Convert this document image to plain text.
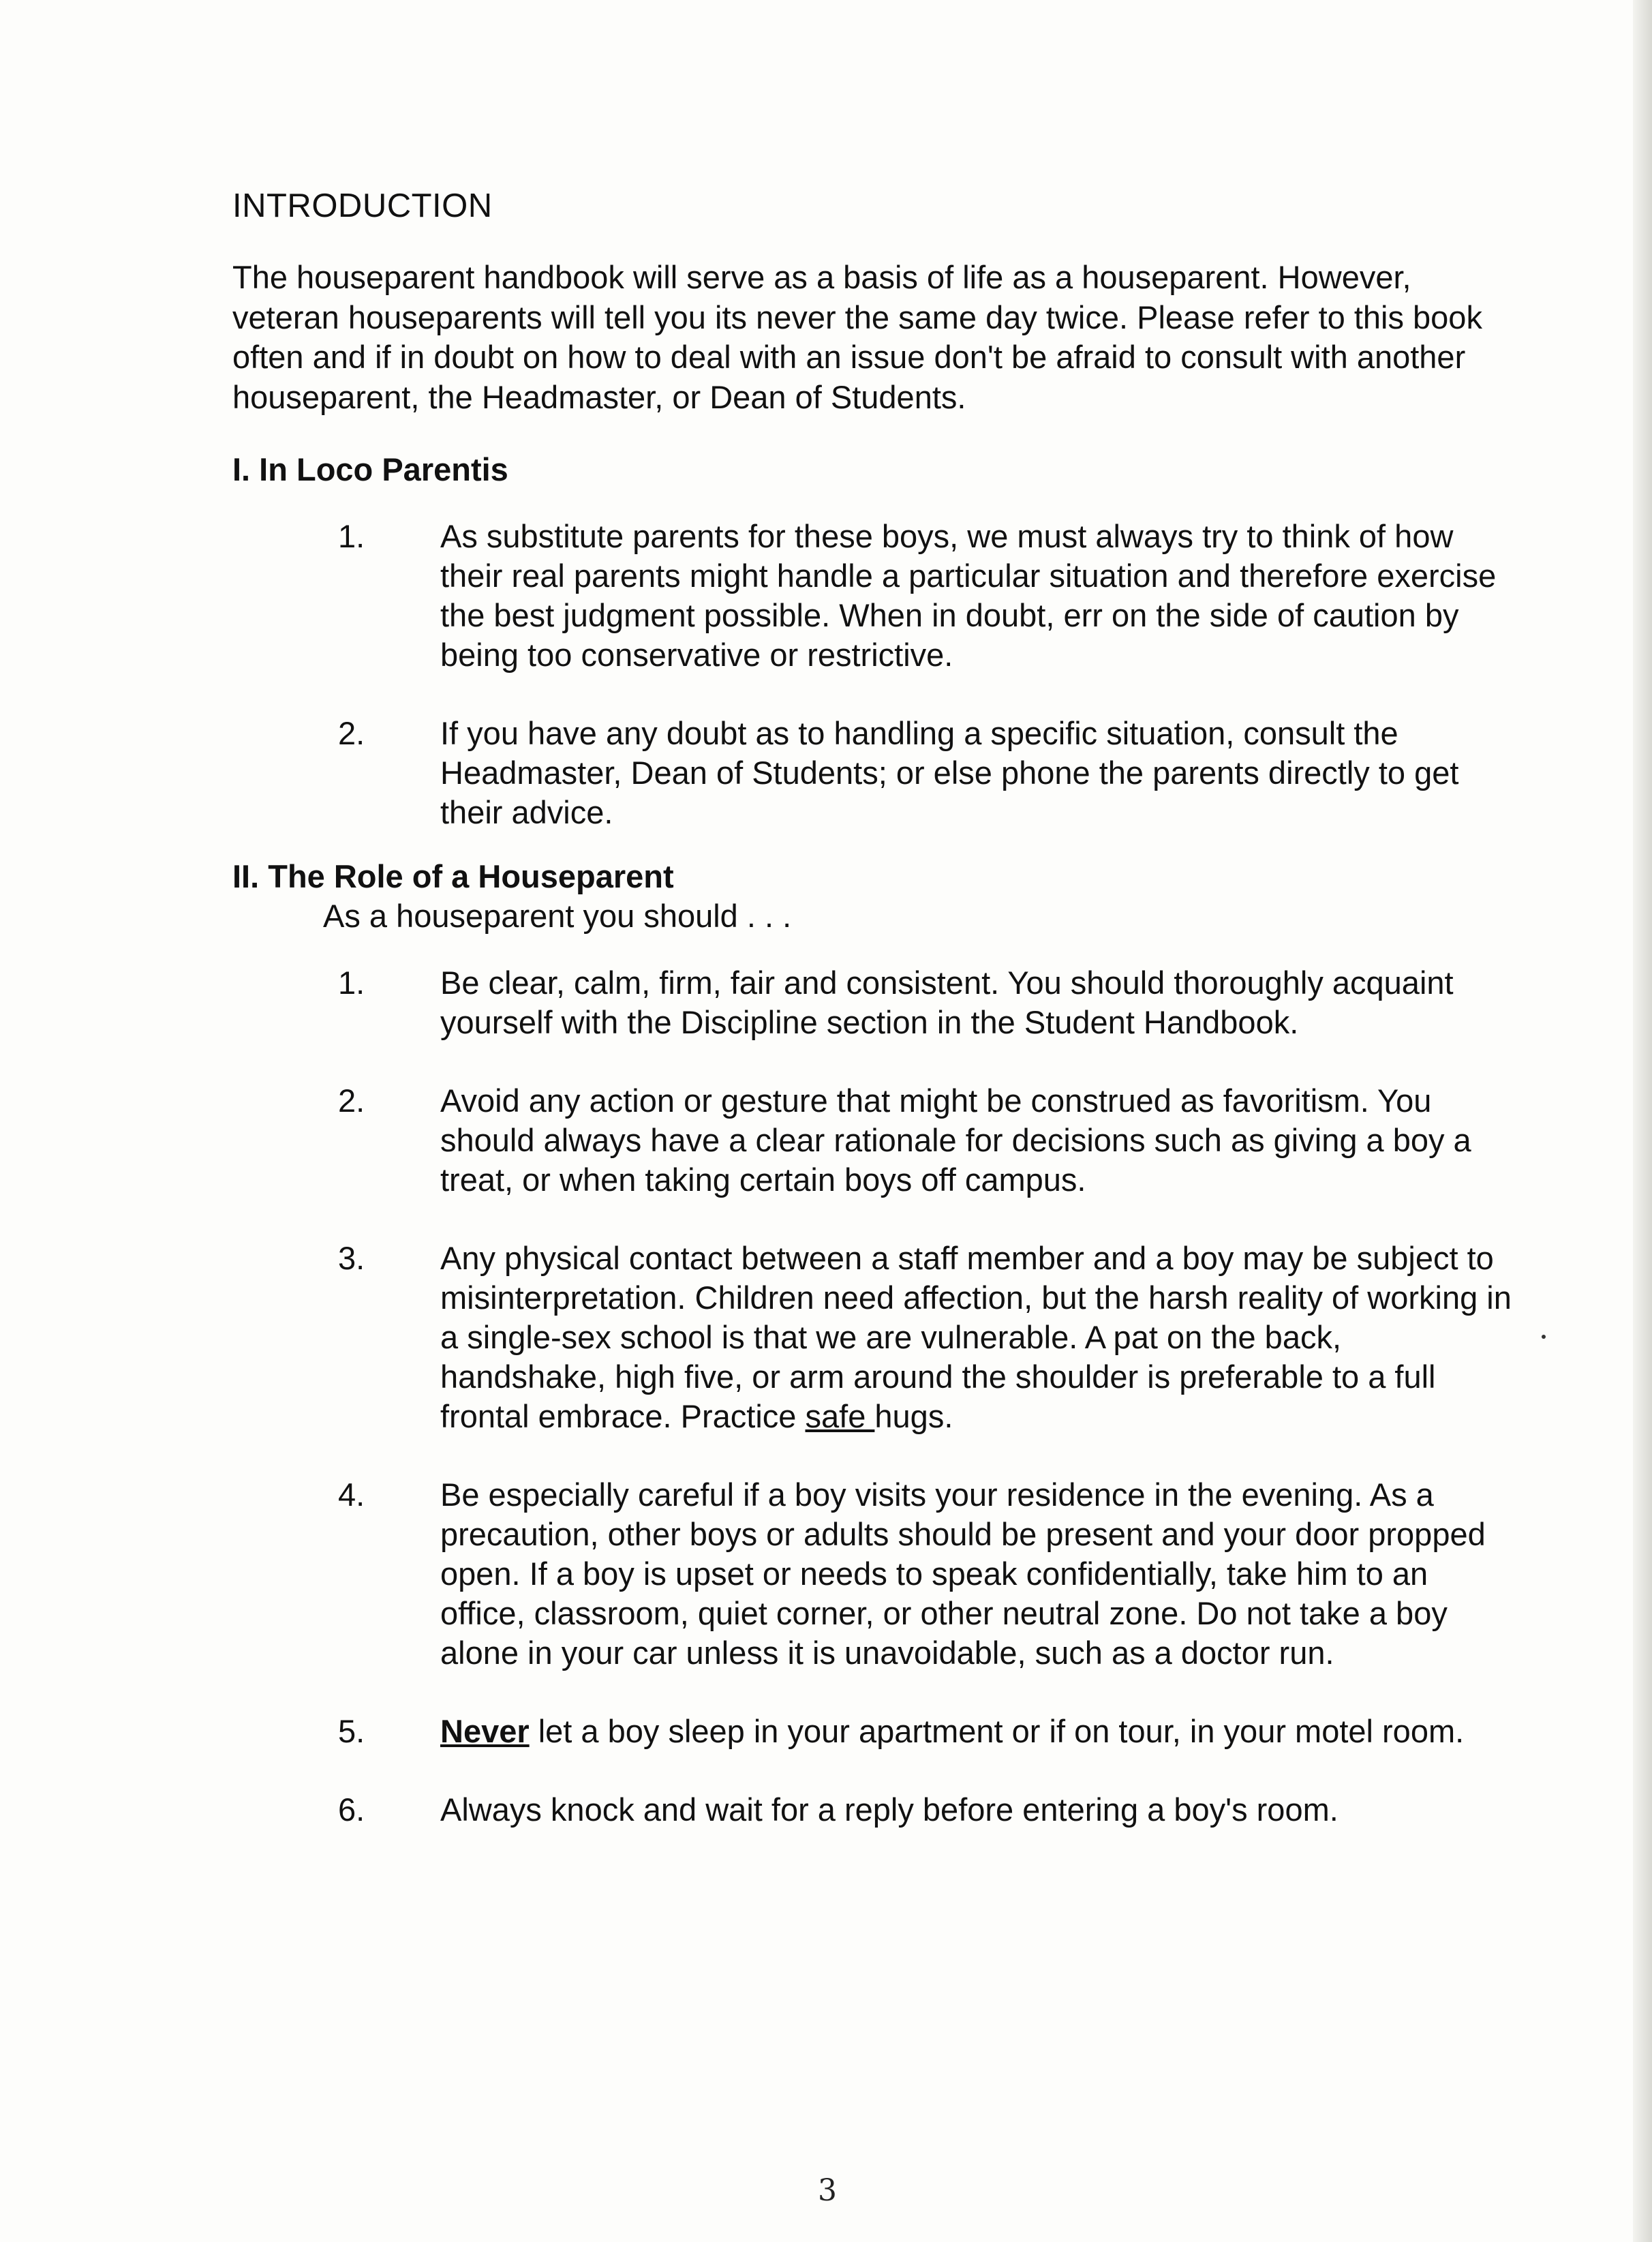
INTRODUCTION
The houseparent handbook will serve as a basis of life as a houseparent. However, veteran houseparents will tell you its never the same day twice. Please refer to this book often and if in doubt on how to deal with an issue don't be afraid to consult with another houseparent, the Headmaster, or Dean of Students.
I. In Loco Parentis
1.	As substitute parents for these boys, we must always try to think of how their real parents might handle a particular situation and therefore exercise the best judgment possible. When in doubt, err on the side of caution by being too conservative or restrictive.
2.	If you have any doubt as to handling a specific situation, consult the Headmaster, Dean of Students; or else phone the parents directly to get their advice.
II. The Role of a Houseparent
As a houseparent you should . . .
1.	Be clear, calm, firm, fair and consistent. You should thoroughly acquaint yourself with the Discipline section in the Student Handbook.
2.	Avoid any action or gesture that might be construed as favoritism. You should always have a clear rationale for decisions such as giving a boy a treat, or when taking certain boys off campus.
3.	Any physical contact between a staff member and a boy may be subject to misinterpretation. Children need affection, but the harsh reality of working in a single-sex school is that we are vulnerable. A pat on the back, handshake, high five, or arm around the shoulder is preferable to a full frontal embrace. Practice safe hugs.
4.	Be especially careful if a boy visits your residence in the evening. As a precaution, other boys or adults should be present and your door propped open. If a boy is upset or needs to speak confidentially, take him to an office, classroom, quiet corner, or other neutral zone. Do not take a boy alone in your car unless it is unavoidable, such as a doctor run.
5.	Never let a boy sleep in your apartment or if on tour, in your motel room.
6.	Always knock and wait for a reply before entering a boy's room.
3
